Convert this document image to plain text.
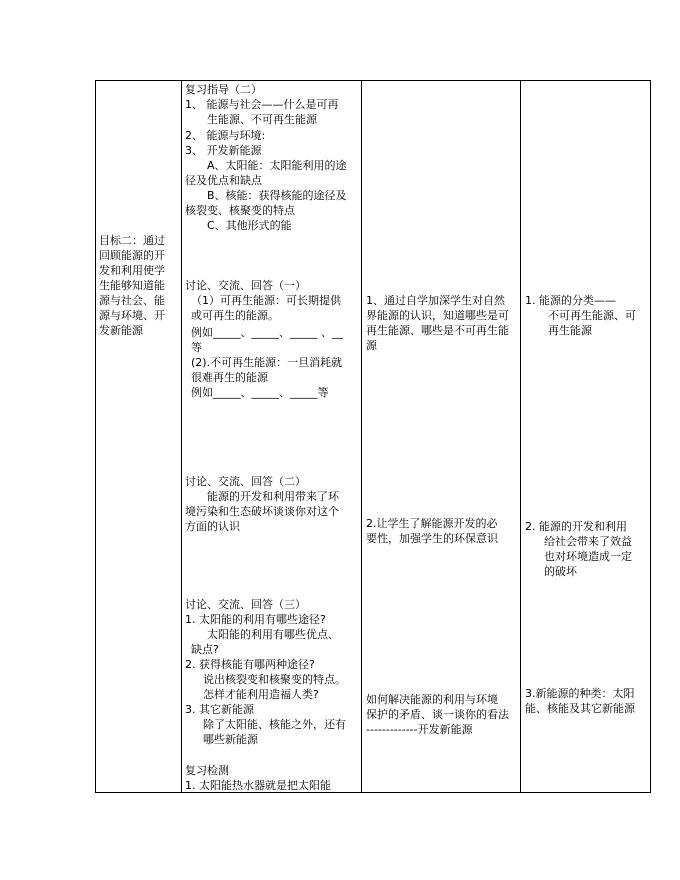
目标二：通过
回顾能源的开
发和利用使学
生能够知道能
源与社会、能
源与环境、开
发新能源
复习指导（二）
1、 能源与社会——什么是可再
生能源、不可再生能源
2、 能源与环境:
3、 开发新能源
A、太阳能：太阳能利用的途
径及优点和缺点
B、核能：获得核能的途径及
核裂变、核聚变的特点
C、其他形式的能
讨论、交流、回答（一）
（1）可再生能源：可长期提供
或可再生的能源。
例如_____、_____、_____ 、__
等
(2).不可再生能源：一旦消耗就
很难再生的能源
例如_____、_____、_____等
讨论、交流、回答（二）
能源的开发和利用带来了环
境污染和生态破坏谈谈你对这个
方面的认识
讨论、交流、回答（三）
1. 太阳能的利用有哪些途径?
太阳能的利用有哪些优点、
缺点?
2. 获得核能有哪两种途径?
说出核裂变和核聚变的特点。
怎样才能利用造福人类?
3. 其它新能源
除了太阳能、核能之外，还有
哪些新能源
复习检测
1. 太阳能热水器就是把太阳能
1、通过自学加深学生对自然
界能源的认识，知道哪些是可
再生能源、哪些是不可再生能
源
2.让学生了解能源开发的必
要性，加强学生的环保意识
如何解决能源的利用与环境
保护的矛盾、谈一谈你的看法
-------------开发新能源
1. 能源的分类——
不可再生能源、可
再生能源
2. 能源的开发和利用
给社会带来了效益
也对环境造成一定
的破坏
3.新能源的种类：太阳
能、核能及其它新能源
